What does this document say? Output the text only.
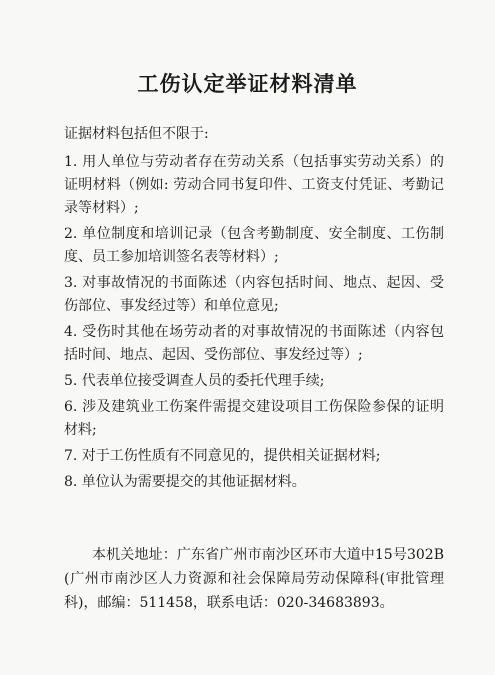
工伤认定举证材料清单
证据材料包括但不限于:
1. 用人单位与劳动者存在劳动关系（包括事实劳动关系）的证明材料（例如: 劳动合同书复印件、工资支付凭证、考勤记录等材料）;
2. 单位制度和培训记录（包含考勤制度、安全制度、工伤制度、员工参加培训签名表等材料）;
3. 对事故情况的书面陈述（内容包括时间、地点、起因、受伤部位、事发经过等）和单位意见;
4. 受伤时其他在场劳动者的对事故情况的书面陈述（内容包括时间、地点、起因、受伤部位、事发经过等）;
5. 代表单位接受调查人员的委托代理手续;
6. 涉及建筑业工伤案件需提交建设项目工伤保险参保的证明材料;
7. 对于工伤性质有不同意见的，提供相关证据材料;
8. 单位认为需要提交的其他证据材料。
本机关地址：广东省广州市南沙区环市大道中15号302B(广州市南沙区人力资源和社会保障局劳动保障科(审批管理科)，邮编：511458，联系电话：020-34683893。
